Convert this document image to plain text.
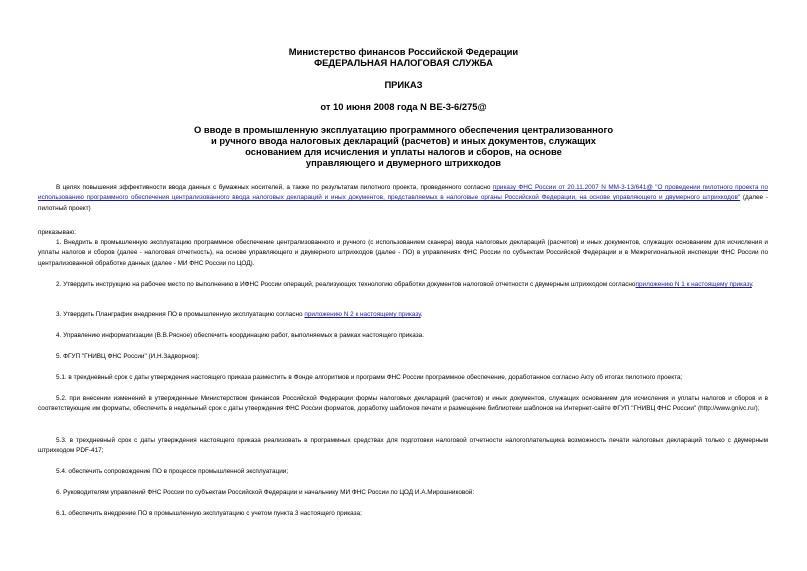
Министерство финансов Российской Федерации
ФЕДЕРАЛЬНАЯ НАЛОГОВАЯ СЛУЖБА
ПРИКАЗ
от 10 июня 2008 года N ВЕ-3-6/275@
О вводе в промышленную эксплуатацию программного обеспечения централизованного
и ручного ввода налоговых деклараций (расчетов) и иных документов, служащих
основанием для исчисления и уплаты налогов и сборов, на основе
управляющего и двумерного штрихкодов
В целях повышения эффективности ввода данных с бумажных носителей, а также по результатам пилотного проекта, проведенного согласно приказу ФНС России от 20.11.2007 N ММ-3-13/641@ "О проведении пилотного проекта по использованию программного обеспечения централизованного ввода налоговых деклараций и иных документов, представляемых в налоговые органы Российской Федерации, на основе управляющего и двумерного штрихкодов" (далее - пилотный проект)
приказываю:
1. Внедрить в промышленную эксплуатацию программное обеспечение централизованного и ручного (с использованием сканера) ввода налоговых деклараций (расчетов) и иных документов, служащих основанием для исчисления и уплаты налогов и сборов (далее - налоговая отчетность), на основе управляющего и двумерного штрихкодов (далее - ПО) в управлениях ФНС России по субъектам Российской Федерации и в Межрегиональной инспекции ФНС России по централизованной обработке данных (далее - МИ ФНС России по ЦОД).
2. Утвердить инструкцию на рабочее место по выполнению в ИФНС России операций, реализующих технологию обработки документов налоговой отчетности с двумерным штрихкодом согласноприложению N 1 к настоящему приказу.
3. Утвердить Планграфик внедрения ПО в промышленную эксплуатацию согласно приложению N 2 к настоящему приказу.
4. Управлению информатизации (В.В.Рясное) обеспечить координацию работ, выполняемых в рамках настоящего приказа.
5. ФГУП "ГНИВЦ ФНС России" (И.Н.Задворнов):
5.1. в трехдневный срок с даты утверждения настоящего приказа разместить в Фонде алгоритмов и программ ФНС России программное обеспечение, доработанное согласно Акту об итогах пилотного проекта;
5.2. при внесении изменений в утвержденные Министерством финансов Российской Федерации формы налоговых деклараций (расчетов) и иных документов, служащих основанием для исчисления и уплаты налогов и сборов и в соответствующие им форматы, обеспечить в недельный срок с даты утверждения ФНС России форматов, доработку шаблонов печати и размещение библиотеки шаблонов на Интернет-сайте ФГУП "ГНИВЦ ФНС России" (http://www.gnivc.ru/);
5.3. в трехдневный срок с даты утверждения настоящего приказа реализовать в программных средствах для подготовки налоговой отчетности налогоплательщика возможность печати налоговых деклараций только с двумерным штрихкодом PDF-417;
5.4. обеспечить сопровождение ПО в процессе промышленной эксплуатации;
6. Руководителям управлений ФНС России по субъектам Российской Федерации и начальнику МИ ФНС России по ЦОД И.А.Мирошниковой:
6.1. обеспечить внедрение ПО в промышленную эксплуатацию с учетом пункта 3 настоящего приказа;
